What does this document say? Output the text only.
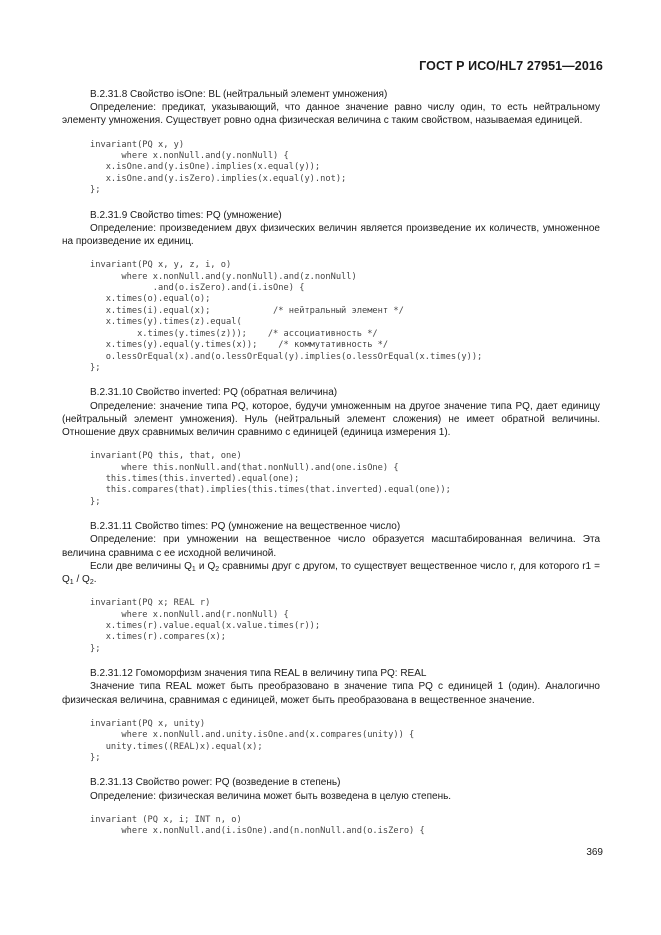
ГОСТ Р ИСО/HL7 27951—2016

B.2.31.8 Свойство isOne: BL (нейтральный элемент умножения)

Определение: предикат, указывающий, что данное значение равно числу один, то есть нейтральному элементу умножения. Существует ровно одна физическая величина с таким свойством, называемая единицей.

invariant(PQ x, y)
where x.nonNull.and(y.nonNull) {
x.isOne.and(y.isOne).implies(x.equal(y));
x.isOne.and(y.isZero).implies(x.equal(y).not);
};

B.2.31.9 Свойство times: PQ (умножение)

Определение: произведением двух физических величин является произведение их количеств, умноженное на произведение их единиц.

invariant(PQ x, y, z, i, o)
where x.nonNull.and(y.nonNull).and(z.nonNull)
.and(o.isZero).and(i.isOne) {
x.times(o).equal(o);
x.times(i).equal(x);            /* нейтральный элемент */
x.times(y).times(z).equal(
x.times(y.times(z)));    /* ассоциативность */
x.times(y).equal(y.times(x));    /* коммутативность */
o.lessOrEqual(x).and(o.lessOrEqual(y).implies(o.lessOrEqual(x.times(y));
};

B.2.31.10 Свойство inverted: PQ (обратная величина)

Определение: значение типа PQ, которое, будучи умноженным на другое значение типа PQ, дает единицу (нейтральный элемент умножения). Нуль (нейтральный элемент сложения) не имеет обратной величины. Отношение двух сравнимых величин сравнимо с единицей (единица измерения 1).

invariant(PQ this, that, one)
where this.nonNull.and(that.nonNull).and(one.isOne) {
this.times(this.inverted).equal(one);
this.compares(that).implies(this.times(that.inverted).equal(one));
};

B.2.31.11 Свойство times: PQ (умножение на вещественное число)

Определение: при умножении на вещественное число образуется масштабированная величина. Эта величина сравнима с ее исходной величиной.

Если две величины $Q_1$ и $Q_2$ сравнимы друг с другом, то существует вещественное число r, для которого $r1 = Q_1 / Q_2$.

invariant(PQ x; REAL r)
where x.nonNull.and(r.nonNull) {
x.times(r).value.equal(x.value.times(r));
x.times(r).compares(x);
};

B.2.31.12 Гомоморфизм значения типа REAL в величину типа PQ: REAL

Значение типа REAL может быть преобразовано в значение типа PQ с единицей 1 (один). Аналогично физическая величина, сравнимая с единицей, может быть преобразована в вещественное значение.

invariant(PQ x, unity)
where x.nonNull.and.unity.isOne.and(x.compares(unity)) {
unity.times((REAL)x).equal(x);
};

B.2.31.13 Свойство power: PQ (возведение в степень)

Определение: физическая величина может быть возведена в целую степень.

invariant (PQ x, i; INT n, o)
where x.nonNull.and(i.isOne).and(n.nonNull.and(o.isZero) {
369
